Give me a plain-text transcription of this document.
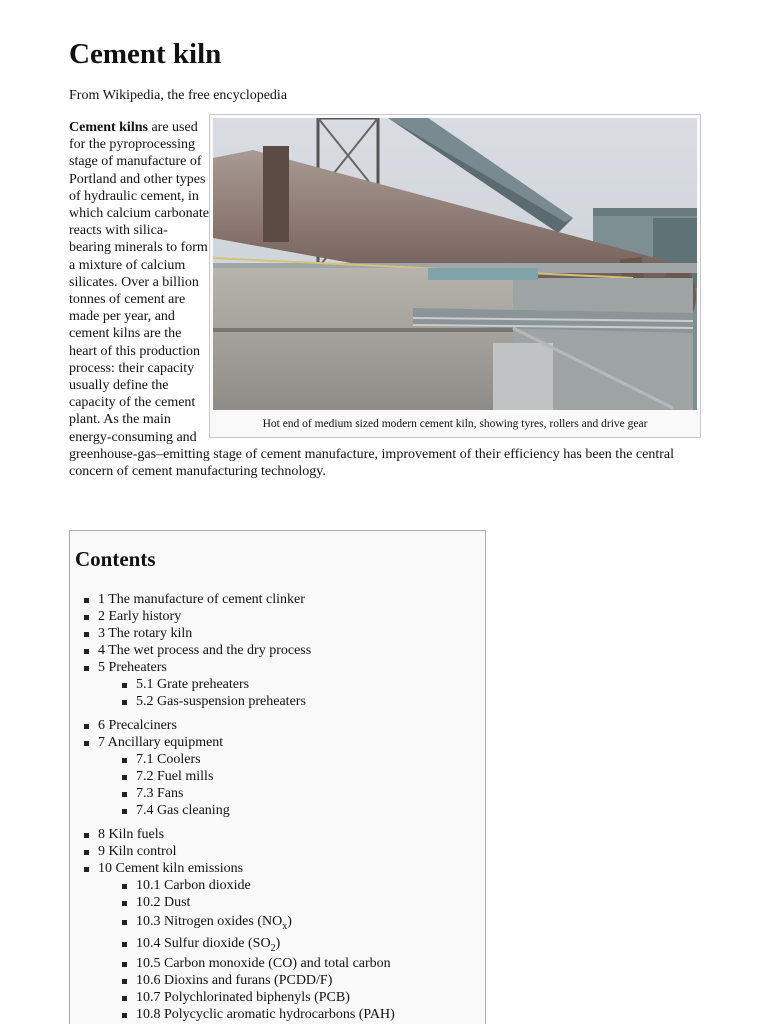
Cement kiln
From Wikipedia, the free encyclopedia
Hot end of medium sized modern cement kiln, showing tyres, rollers and drive gear

Cement kilns are used for the pyroprocessing stage of manufacture of Portland and other types of hydraulic cement, in which calcium carbonate reacts with silica-bearing minerals to form a mixture of calcium silicates. Over a billion tonnes of cement are made per year, and cement kilns are the heart of this production process: their capacity usually define the capacity of the cement plant. As the main energy-consuming and greenhouse-gas–emitting stage of cement manufacture, improvement of their efficiency has been the central concern of cement manufacturing technology.

Contents
1 The manufacture of cement clinker
2 Early history
3 The rotary kiln
4 The wet process and the dry process
5 Preheaters
5.1 Grate preheaters
5.2 Gas-suspension preheaters
6 Precalciners
7 Ancillary equipment
7.1 Coolers
7.2 Fuel mills
7.3 Fans
7.4 Gas cleaning
8 Kiln fuels
9 Kiln control
10 Cement kiln emissions
10.1 Carbon dioxide
10.2 Dust
10.3 Nitrogen oxides $(NO_x)$
10.4 Sulfur dioxide $(SO_2)$
10.5 Carbon monoxide (CO) and total carbon
10.6 Dioxins and furans (PCDD/F)
10.7 Polychlorinated biphenyls (PCB)
10.8 Polycyclic aromatic hydrocarbons (PAH)
